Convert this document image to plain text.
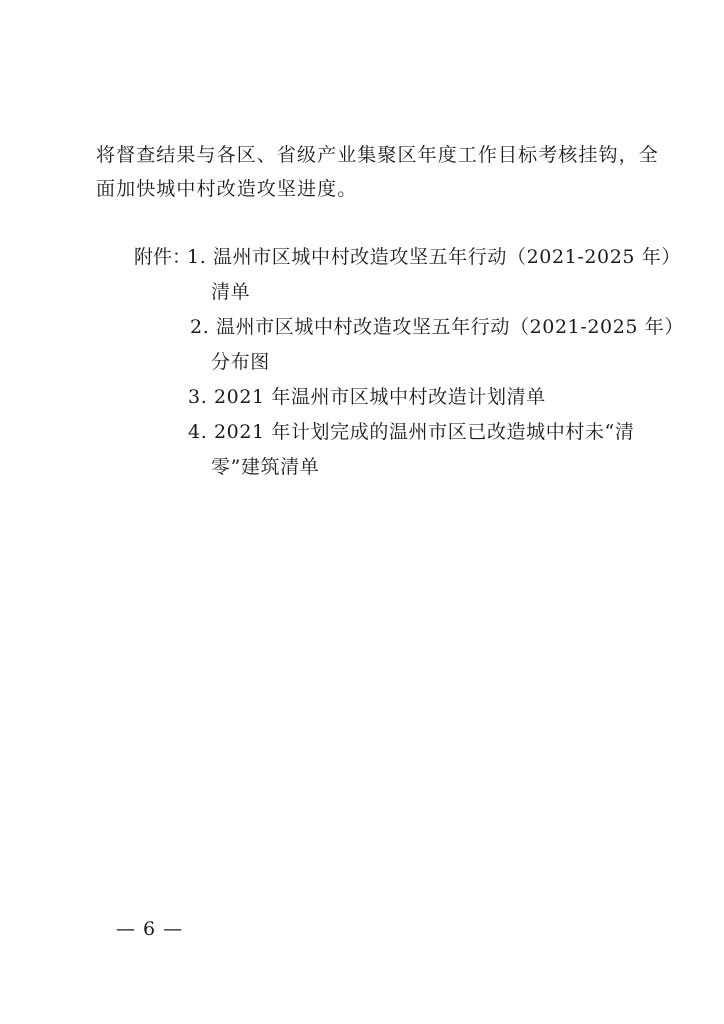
将督查结果与各区、省级产业集聚区年度工作目标考核挂钩，全
面加快城中村改造攻坚进度。
附件：
1. 温州市区城中村改造攻坚五年行动（2021-2025 年）
清单
2. 温州市区城中村改造攻坚五年行动（2021-2025 年）
分布图
3. 2021 年温州市区城中村改造计划清单
4. 2021 年计划完成的温州市区已改造城中村未“清
零”建筑清单
— 6 —
